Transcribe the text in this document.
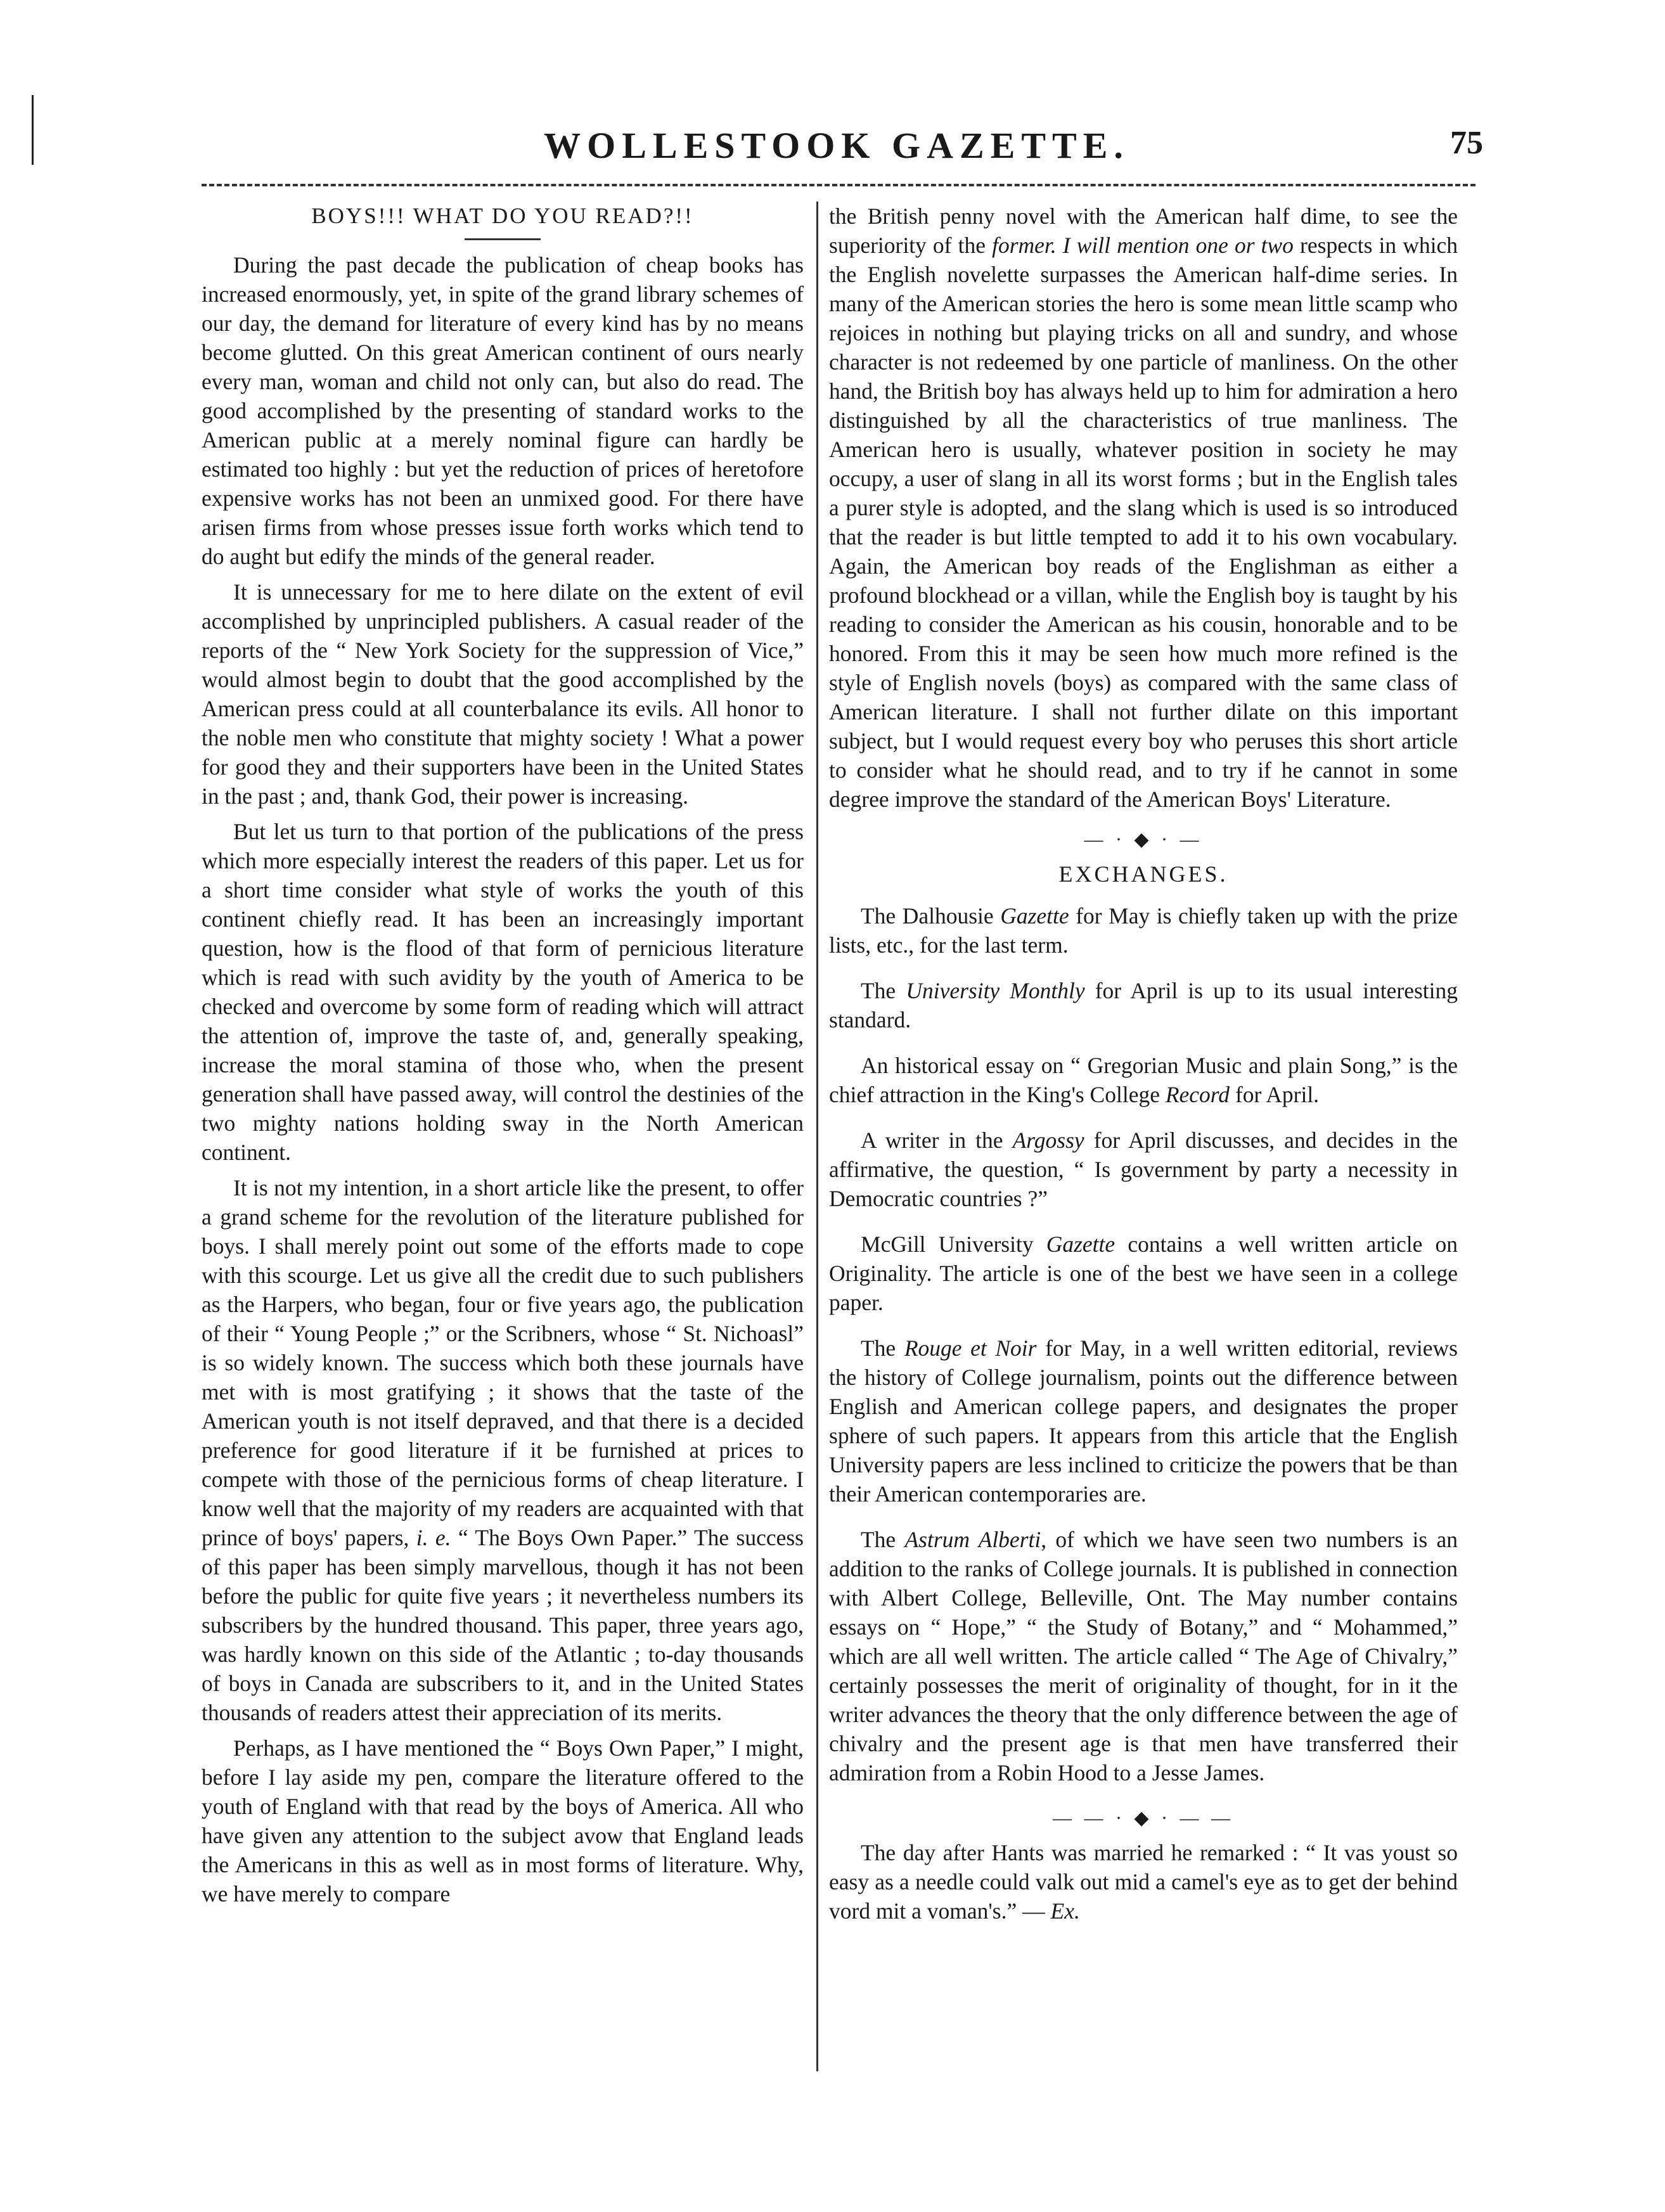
WOLLESTOOK GAZETTE.	75
BOYS!!! WHAT DO YOU READ?!!

During the past decade the publication of cheap books has increased enormously, yet, in spite of the grand library schemes of our day, the demand for literature of every kind has by no means become glutted. On this great American continent of ours nearly every man, woman and child not only can, but also do read. The good accomplished by the presenting of standard works to the American public at a merely nominal figure can hardly be estimated too highly : but yet the reduction of prices of heretofore expensive works has not been an unmixed good. For there have arisen firms from whose presses issue forth works which tend to do aught but edify the minds of the general reader.

It is unnecessary for me to here dilate on the extent of evil accomplished by unprincipled publishers. A casual reader of the reports of the “ New York Society for the suppression of Vice,” would almost begin to doubt that the good accomplished by the American press could at all counterbalance its evils. All honor to the noble men who constitute that mighty society ! What a power for good they and their supporters have been in the United States in the past ; and, thank God, their power is increasing.

But let us turn to that portion of the publications of the press which more especially interest the readers of this paper. Let us for a short time consider what style of works the youth of this continent chiefly read. It has been an increasingly important question, how is the flood of that form of pernicious literature which is read with such avidity by the youth of America to be checked and overcome by some form of reading which will attract the attention of, improve the taste of, and, generally speaking, increase the moral stamina of those who, when the present generation shall have passed away, will control the destinies of the two mighty nations holding sway in the North American continent.

It is not my intention, in a short article like the present, to offer a grand scheme for the revolution of the literature published for boys. I shall merely point out some of the efforts made to cope with this scourge. Let us give all the credit due to such publishers as the Harpers, who began, four or five years ago, the publication of their “ Young People ;” or the Scribners, whose “ St. Nichoasl” is so widely known. The success which both these journals have met with is most gratifying ; it shows that the taste of the American youth is not itself depraved, and that there is a decided preference for good literature if it be furnished at prices to compete with those of the pernicious forms of cheap literature. I know well that the majority of my readers are acquainted with that prince of boys' papers, i. e. “ The Boys Own Paper.” The success of this paper has been simply marvellous, though it has not been before the public for quite five years ; it nevertheless numbers its subscribers by the hundred thousand. This paper, three years ago, was hardly known on this side of the Atlantic ; to-day thousands of boys in Canada are subscribers to it, and in the United States thousands of readers attest their appreciation of its merits.

Perhaps, as I have mentioned the “ Boys Own Paper,” I might, before I lay aside my pen, compare the literature offered to the youth of England with that read by the boys of America. All who have given any attention to the subject avow that England leads the Americans in this as well as in most forms of literature. Why, we have merely to compare

the British penny novel with the American half dime, to see the superiority of the former. I will mention one or two respects in which the English novelette surpasses the American half-dime series. In many of the American stories the hero is some mean little scamp who rejoices in nothing but playing tricks on all and sundry, and whose character is not redeemed by one particle of manliness. On the other hand, the British boy has always held up to him for admiration a hero distinguished by all the characteristics of true manliness. The American hero is usually, whatever position in society he may occupy, a user of slang in all its worst forms ; but in the English tales a purer style is adopted, and the slang which is used is so introduced that the reader is but little tempted to add it to his own vocabulary. Again, the American boy reads of the Englishman as either a profound blockhead or a villan, while the English boy is taught by his reading to consider the American as his cousin, honorable and to be honored. From this it may be seen how much more refined is the style of English novels (boys) as compared with the same class of American literature. I shall not further dilate on this important subject, but I would request every boy who peruses this short article to consider what he should read, and to try if he cannot in some degree improve the standard of the American Boys' Literature.

— · ◆ · —
EXCHANGES.

The Dalhousie Gazette for May is chiefly taken up with the prize lists, etc., for the last term.

The University Monthly for April is up to its usual interesting standard.

An historical essay on “ Gregorian Music and plain Song,” is the chief attraction in the King's College Record for April.

A writer in the Argossy for April discusses, and decides in the affirmative, the question, “ Is government by party a necessity in Democratic countries ?”

McGill University Gazette contains a well written article on Originality. The article is one of the best we have seen in a college paper.

The Rouge et Noir for May, in a well written editorial, reviews the history of College journalism, points out the difference between English and American college papers, and designates the proper sphere of such papers. It appears from this article that the English University papers are less inclined to criticize the powers that be than their American contemporaries are.

The Astrum Alberti, of which we have seen two numbers is an addition to the ranks of College journals. It is published in connection with Albert College, Belleville, Ont. The May number contains essays on “ Hope,” “ the Study of Botany,” and “ Mohammed,” which are all well written. The article called “ The Age of Chivalry,” certainly possesses the merit of originality of thought, for in it the writer advances the theory that the only difference between the age of chivalry and the present age is that men have transferred their admiration from a Robin Hood to a Jesse James.

— — · ◆ · — —

The day after Hants was married he remarked : “ It vas youst so easy as a needle could valk out mid a camel's eye as to get der behind vord mit a voman's.” — Ex.
